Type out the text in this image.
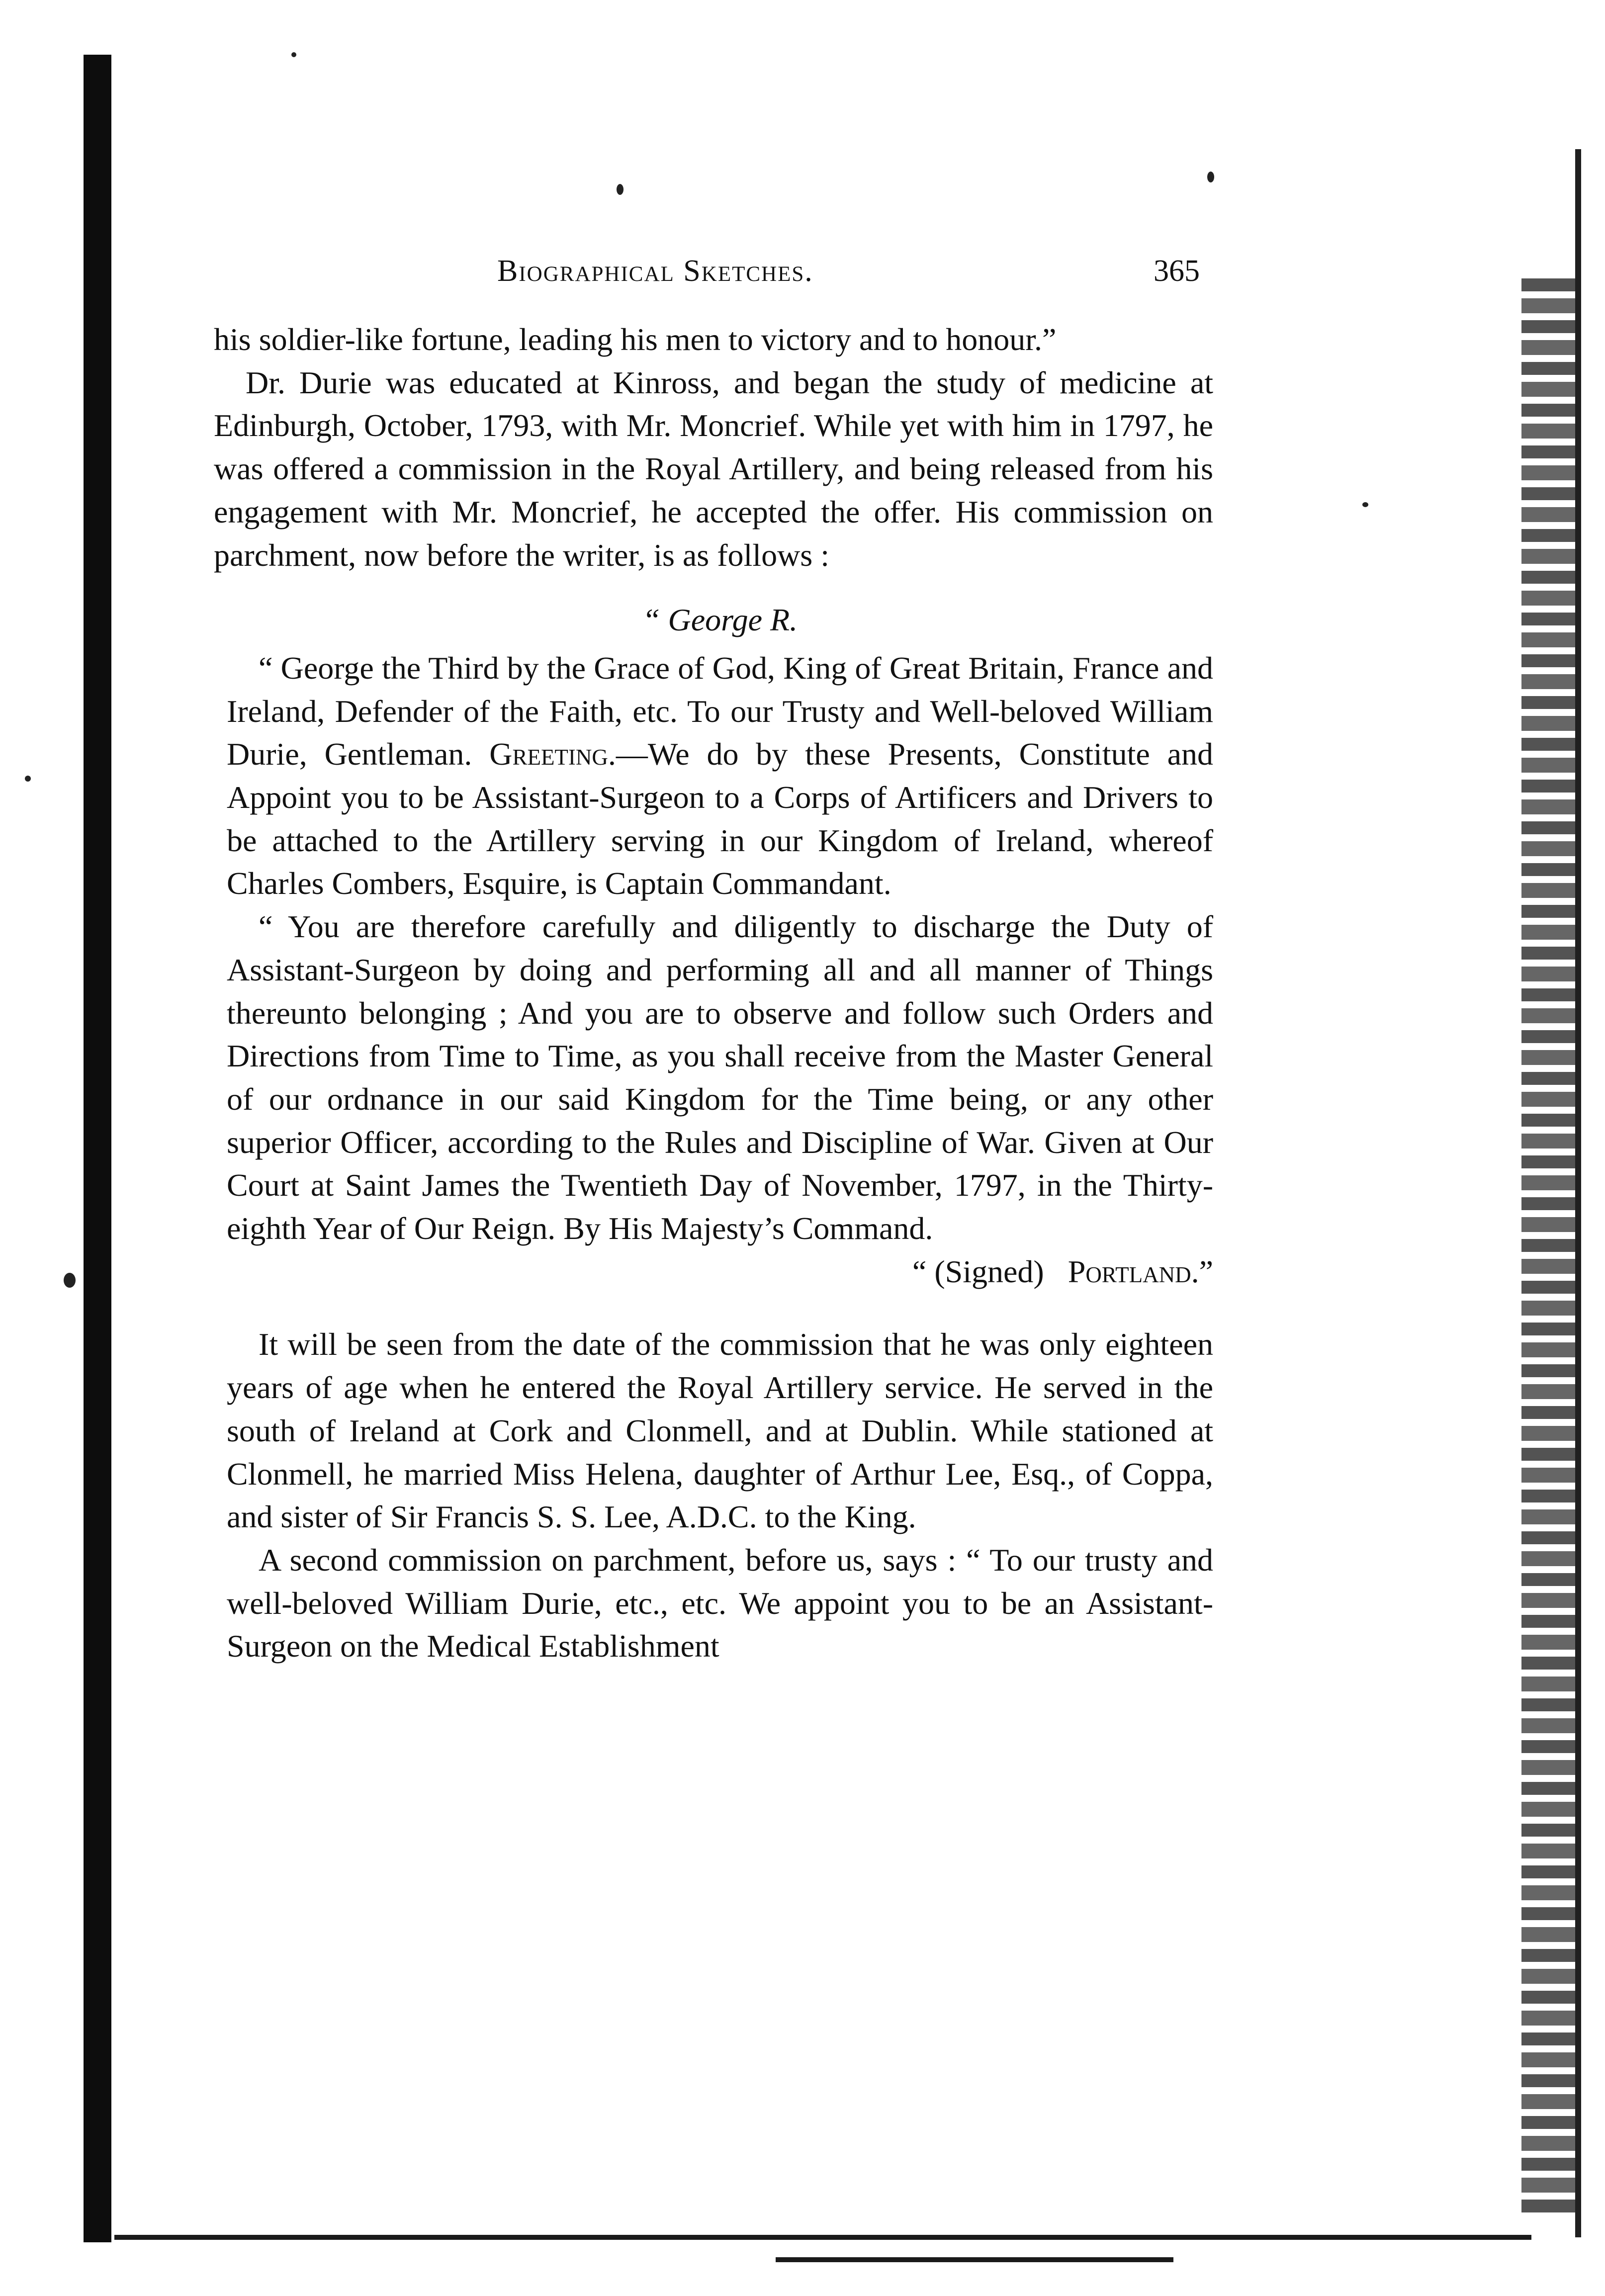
Biographical Sketches.	365

his soldier-like fortune, leading his men to victory and to honour.”

Dr. Durie was educated at Kinross, and began the study of medicine at Edinburgh, October, 1793, with Mr. Moncrief. While yet with him in 1797, he was offered a commission in the Royal Artillery, and being released from his engagement with Mr. Moncrief, he accepted the offer. His commission on parchment, now before the writer, is as follows :

“ George R.

“ George the Third by the Grace of God, King of Great Britain, France and Ireland, Defender of the Faith, etc. To our Trusty and Well-beloved William Durie, Gentleman. Greeting.—We do by these Presents, Constitute and Appoint you to be Assistant-Surgeon to a Corps of Artificers and Drivers to be attached to the Artillery serving in our Kingdom of Ireland, whereof Charles Combers, Esquire, is Captain Commandant.

“ You are therefore carefully and diligently to discharge the Duty of Assistant-Surgeon by doing and performing all and all manner of Things thereunto belonging ; And you are to observe and follow such Orders and Directions from Time to Time, as you shall receive from the Master General of our ordnance in our said Kingdom for the Time being, or any other superior Officer, according to the Rules and Discipline of War. Given at Our Court at Saint James the Twentieth Day of November, 1797, in the Thirty-eighth Year of Our Reign. By His Majesty’s Command.

“ (Signed) Portland.”

It will be seen from the date of the commission that he was only eighteen years of age when he entered the Royal Artillery service. He served in the south of Ireland at Cork and Clonmell, and at Dublin. While stationed at Clonmell, he married Miss Helena, daughter of Arthur Lee, Esq., of Coppa, and sister of Sir Francis S. S. Lee, A.D.C. to the King.

A second commission on parchment, before us, says : “ To our trusty and well-beloved William Durie, etc., etc. We appoint you to be an Assistant-Surgeon on the Medical Establishment
